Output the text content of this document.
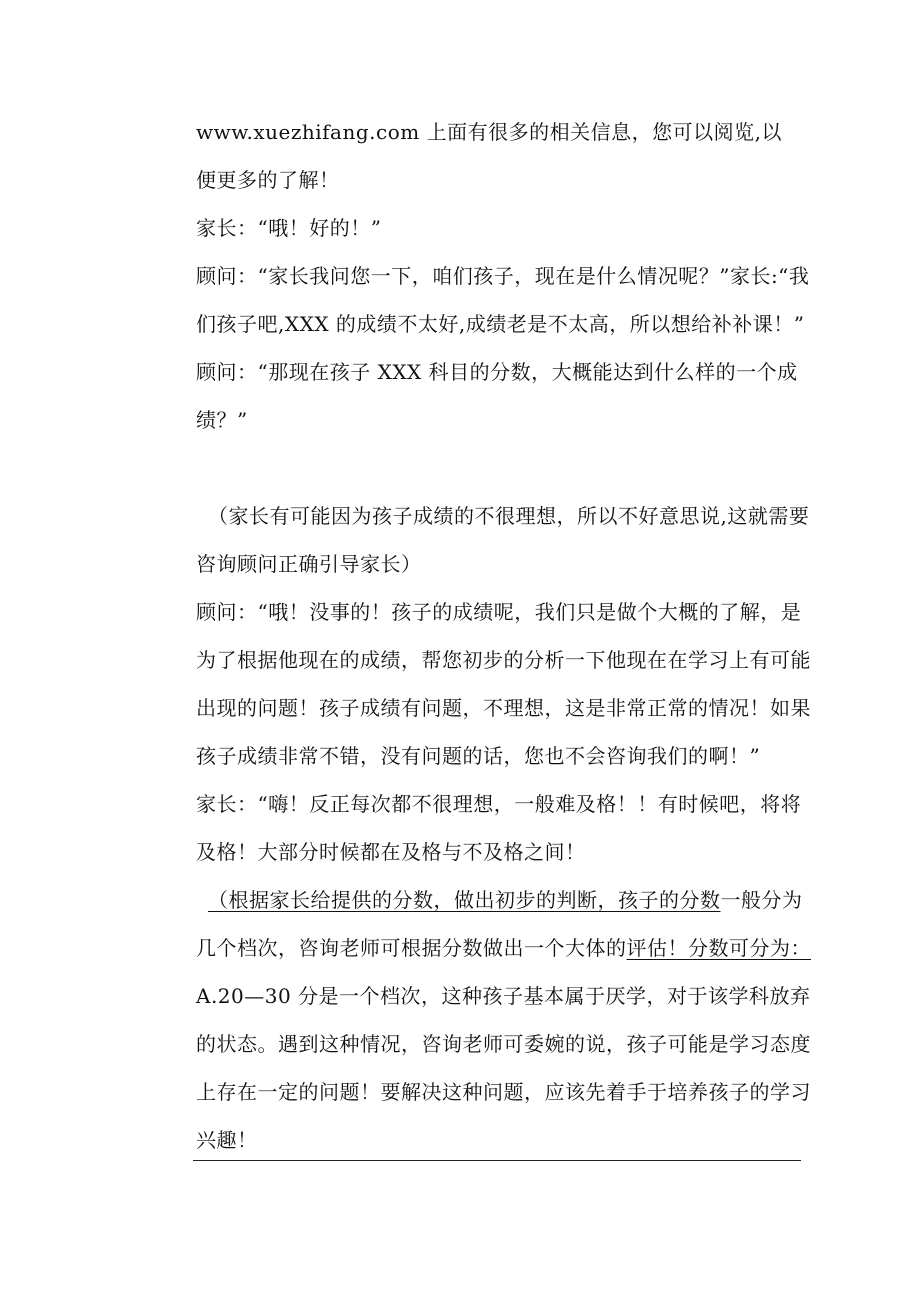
www.xuezhifang.com 上面有很多的相关信息，您可以阅览,以
便更多的了解！
家长：“哦！好的！”
顾问：“家长我问您一下，咱们孩子，现在是什么情况呢？”家长:“我
们孩子吧,XXX 的成绩不太好,成绩老是不太高，所以想给补补课！”
顾问：“那现在孩子 XXX 科目的分数，大概能达到什么样的一个成
绩？”
（家长有可能因为孩子成绩的不很理想，所以不好意思说,这就需要
咨询顾问正确引导家长）
顾问：“哦！没事的！孩子的成绩呢，我们只是做个大概的了解，是
为了根据他现在的成绩，帮您初步的分析一下他现在在学习上有可能
出现的问题！孩子成绩有问题，不理想，这是非常正常的情况！如果
孩子成绩非常不错，没有问题的话，您也不会咨询我们的啊！”
家长：“嗨！反正每次都不很理想，一般难及格！！有时候吧，将将
及格！大部分时候都在及格与不及格之间！
（根据家长给提供的分数，做出初步的判断，孩子的分数一般分为
几个档次，咨询老师可根据分数做出一个大体的评估！分数可分为：
A.20—30 分是一个档次，这种孩子基本属于厌学，对于该学科放弃
的状态。遇到这种情况，咨询老师可委婉的说，孩子可能是学习态度
上存在一定的问题！要解决这种问题，应该先着手于培养孩子的学习
兴趣！
